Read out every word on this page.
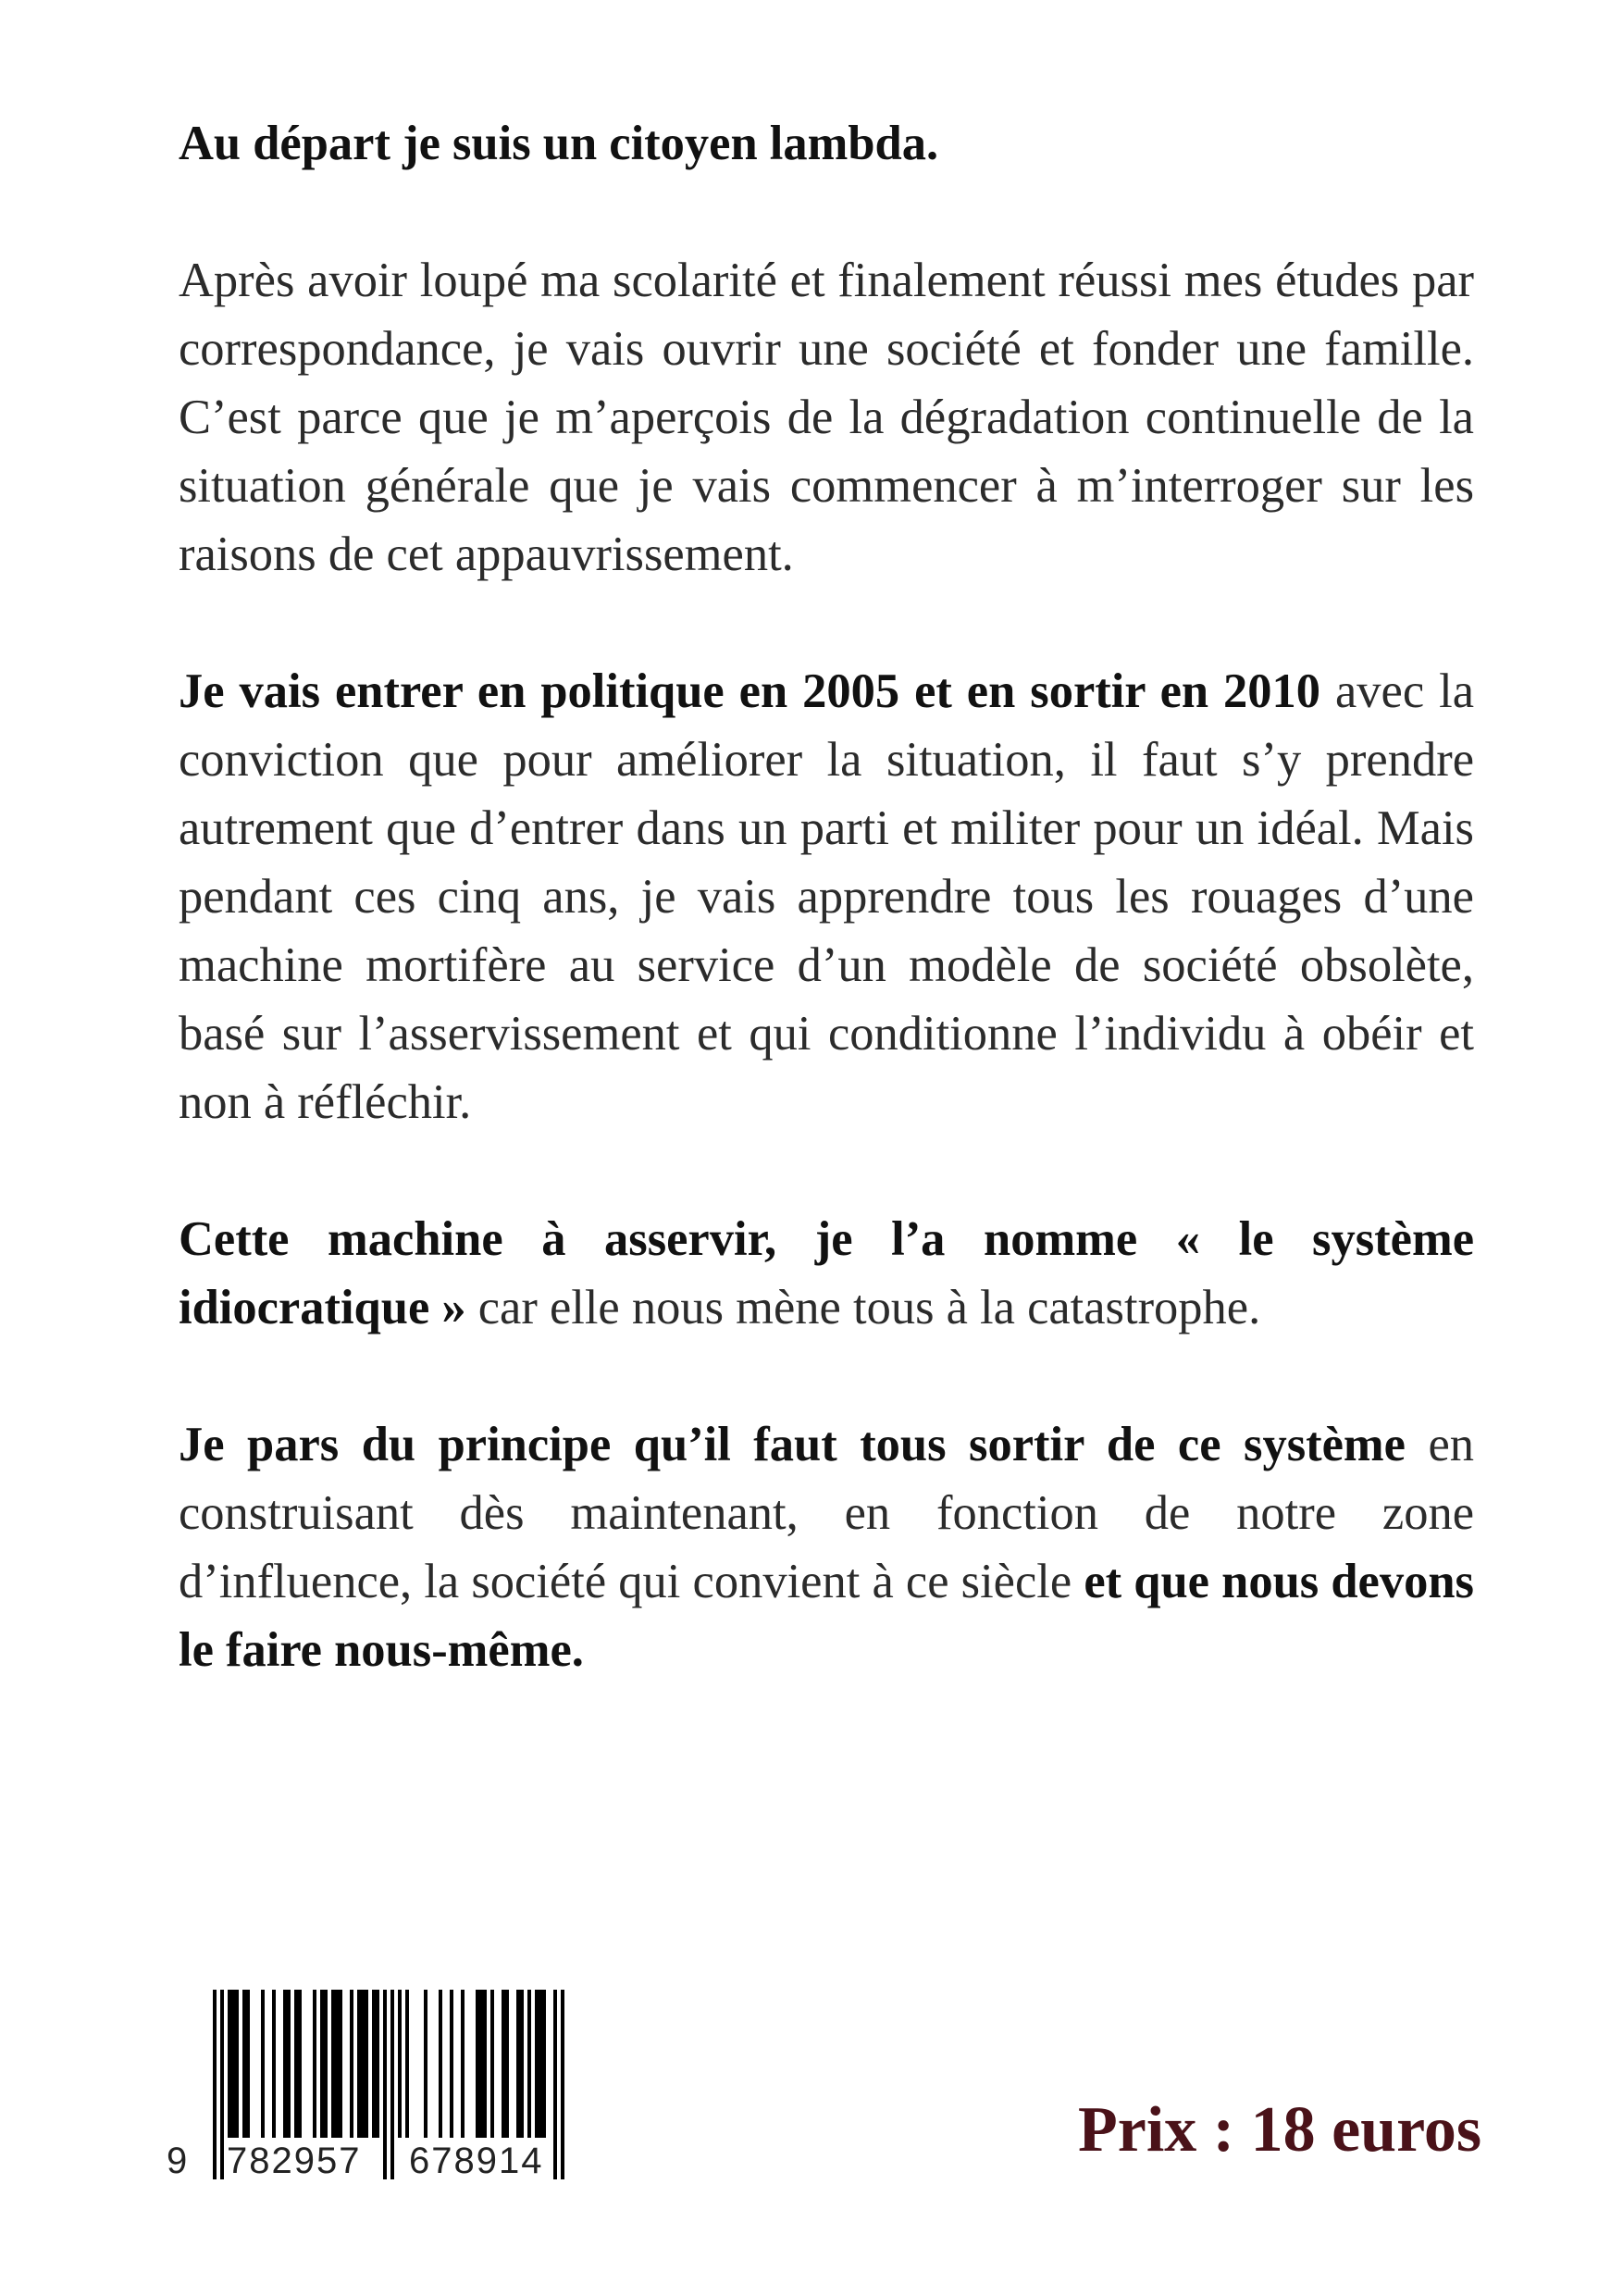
Au départ je suis un citoyen lambda.

Après avoir loupé ma scolarité et finalement réussi mes études par correspondance, je vais ouvrir une société et fonder une famille. C’est parce que je m’aperçois de la dégradation continuelle de la situation générale que je vais commencer à m’interroger sur les raisons de cet appauvrissement.

Je vais entrer en politique en 2005 et en sortir en 2010 avec la conviction que pour améliorer la situation, il faut s’y prendre autrement que d’entrer dans un parti et militer pour un idéal. Mais pendant ces cinq ans, je vais apprendre tous les rouages d’une machine mortifère au service d’un modèle de société obsolète, basé sur l’asservissement et qui conditionne l’individu à obéir et non à réfléchir.

Cette machine à asservir, je l’a nomme « le système idiocratique » car elle nous mène tous à la catastrophe.

Je pars du principe qu’il faut tous sortir de ce système en construisant dès maintenant, en fonction de notre zone d’influence, la société qui convient à ce siècle et que nous devons le faire nous-même.

9 782957 678914	Prix : 18 euros
